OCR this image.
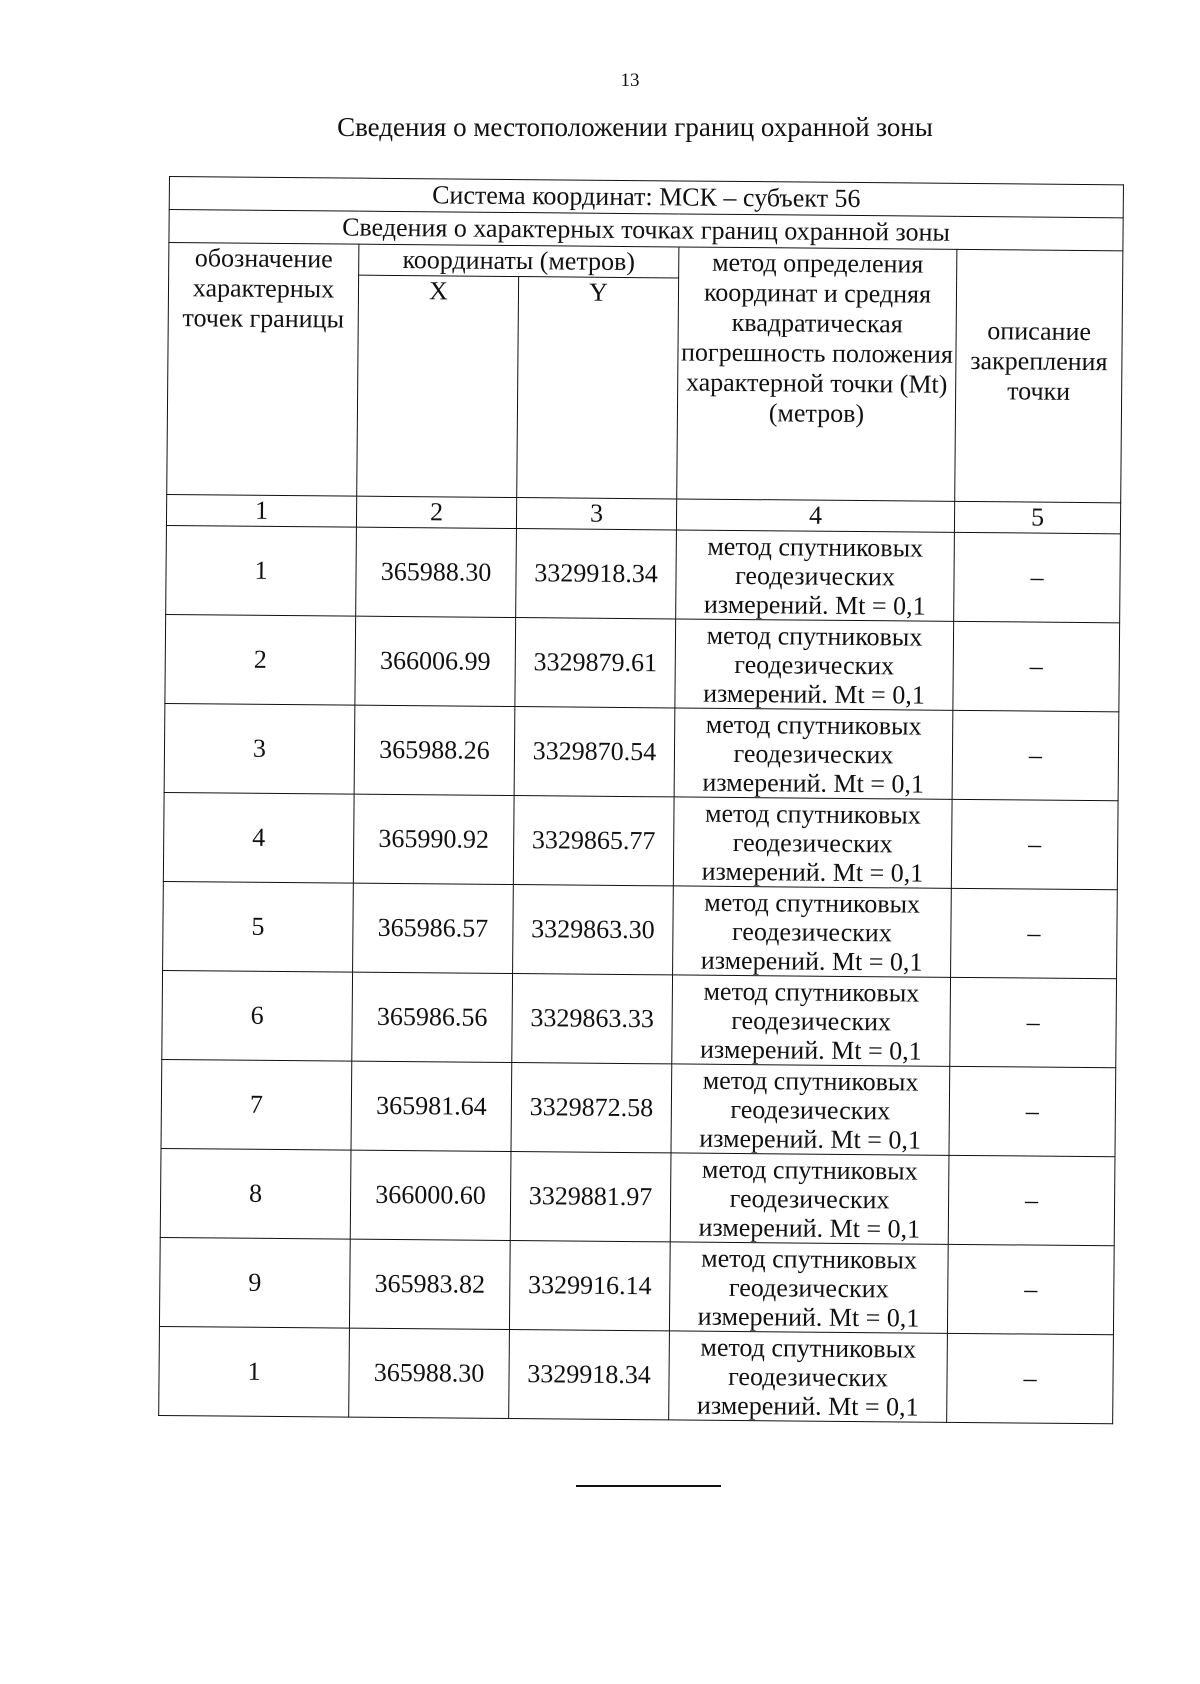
13
Сведения о местоположении границ охранной зоны
Система координат: МСК – субъект 56				
Сведения о характерных точках границ охранной зоны				

обозначение характерных точек границы	координаты (метров)		метод определения координат и средняя квадратическая погрешность положения характерной точки (Mt) (метров)	описание закрепления точки

	X	Y		
1	2	3	4	5
1	365988.30	3329918.34	метод спутниковых геодезических измерений. Mt = 0,1	–
2	366006.99	3329879.61	метод спутниковых геодезических измерений. Mt = 0,1	–
3	365988.26	3329870.54	метод спутниковых геодезических измерений. Mt = 0,1	–
4	365990.92	3329865.77	метод спутниковых геодезических измерений. Mt = 0,1	–
5	365986.57	3329863.30	метод спутниковых геодезических измерений. Mt = 0,1	–
6	365986.56	3329863.33	метод спутниковых геодезических измерений. Mt = 0,1	–
7	365981.64	3329872.58	метод спутниковых геодезических измерений. Mt = 0,1	–
8	366000.60	3329881.97	метод спутниковых геодезических измерений. Mt = 0,1	–
9	365983.82	3329916.14	метод спутниковых геодезических измерений. Mt = 0,1	–
1	365988.30	3329918.34	метод спутниковых геодезических измерений. Mt = 0,1	–
